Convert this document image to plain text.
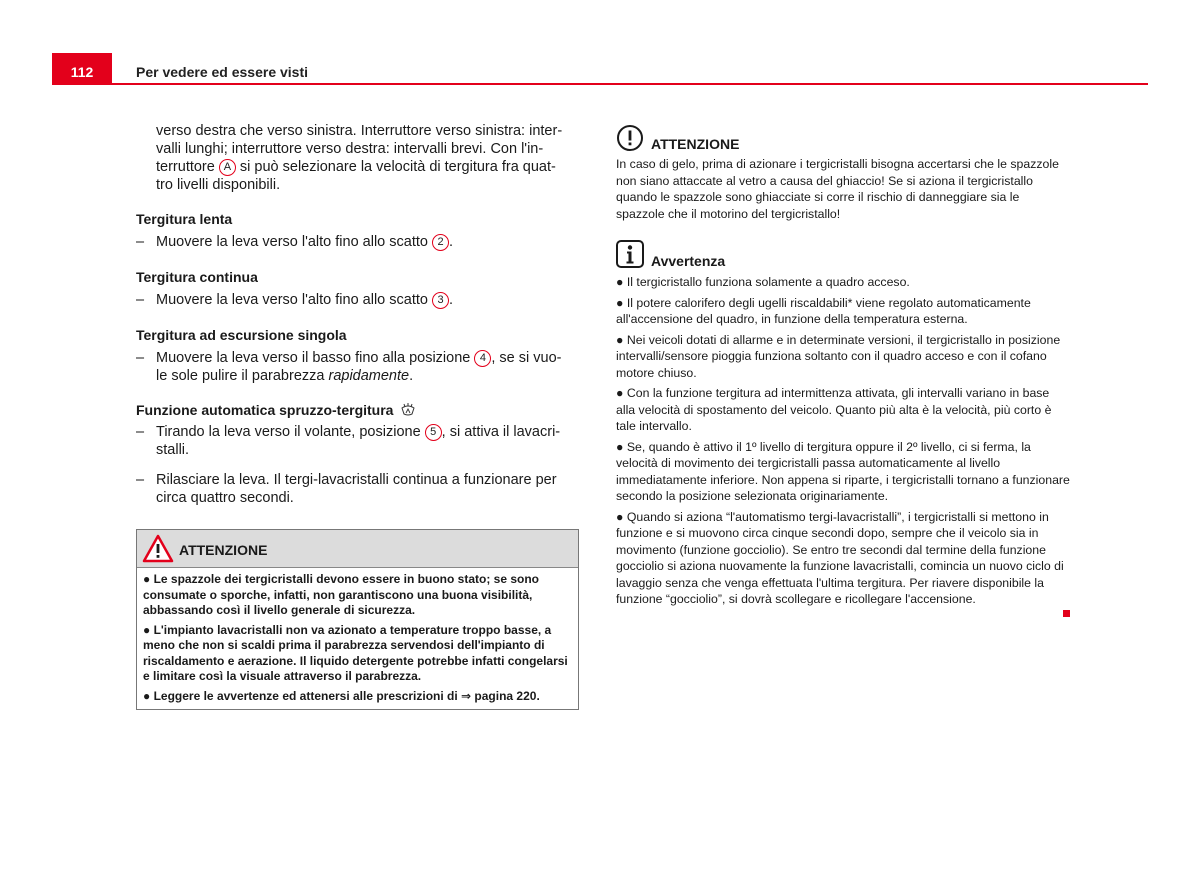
112	Per vedere ed essere visti

verso destra che verso sinistra. Interruttore verso sinistra: inter-

valli lunghi; interruttore verso destra: intervalli brevi. Con l'in-

terruttore A si può selezionare la velocità di tergitura fra quat-

tro livelli disponibili.

Tergitura lenta

– Muovere la leva verso l'alto fino allo scatto 2 .

Tergitura continua

– Muovere la leva verso l'alto fino allo scatto 3 .

Tergitura ad escursione singola

– Muovere la leva verso il basso fino alla posizione 4 , se si vuo-
le sole pulire il parabrezza rapidamente.

Funzione automatica spruzzo-tergitura

– Tirando la leva verso il volante, posizione 5 , si attiva il lavacri-
stalli.
– Rilasciare la leva. Il tergi-lavacristalli continua a funzionare per
circa quattro secondi.
ATTENZIONE

● Le spazzole dei tergicristalli devono essere in buono stato; se sono consumate o sporche, infatti, non garantiscono una buona visibilità, abbassando così il livello generale di sicurezza.

● L'impianto lavacristalli non va azionato a temperature troppo basse, a meno che non si scaldi prima il parabrezza servendosi dell'impianto di riscaldamento e aerazione. Il liquido detergente potrebbe infatti congelarsi e limitare così la visuale attraverso il parabrezza.

● Leggere le avvertenze ed attenersi alle prescrizioni di ⇒ pagina 220.

ATTENZIONE

In caso di gelo, prima di azionare i tergicristalli bisogna accertarsi che le spazzole non siano attaccate al vetro a causa del ghiaccio! Se si aziona il tergicristallo quando le spazzole sono ghiacciate si corre il rischio di danneggiare sia le spazzole che il motorino del tergicristallo!

Avvertenza

● Il tergicristallo funziona solamente a quadro acceso.

● Il potere calorifero degli ugelli riscaldabili* viene regolato automaticamente all'accensione del quadro, in funzione della temperatura esterna.

● Nei veicoli dotati di allarme e in determinate versioni, il tergicristallo in posizione intervalli/sensore pioggia funziona soltanto con il quadro acceso e con il cofano motore chiuso.

● Con la funzione tergitura ad intermittenza attivata, gli intervalli variano in base alla velocità di spostamento del veicolo. Quanto più alta è la velocità, più corto è tale intervallo.

● Se, quando è attivo il 1º livello di tergitura oppure il 2º livello, ci si ferma, la velocità di movimento dei tergicristalli passa automaticamente al livello immediatamente inferiore. Non appena si riparte, i tergicristalli tornano a funzionare secondo la posizione selezionata originariamente.

● Quando si aziona “l'automatismo tergi-lavacristalli”, i tergicristalli si mettono in funzione e si muovono circa cinque secondi dopo, sempre che il veicolo sia in movimento (funzione gocciolio). Se entro tre secondi dal termine della funzione gocciolio si aziona nuovamente la funzione lavacristalli, comincia un nuovo ciclo di lavaggio senza che venga effettuata l'ultima tergitura. Per riavere disponibile la funzione “gocciolio”, si dovrà scollegare e ricollegare l'accensione.
